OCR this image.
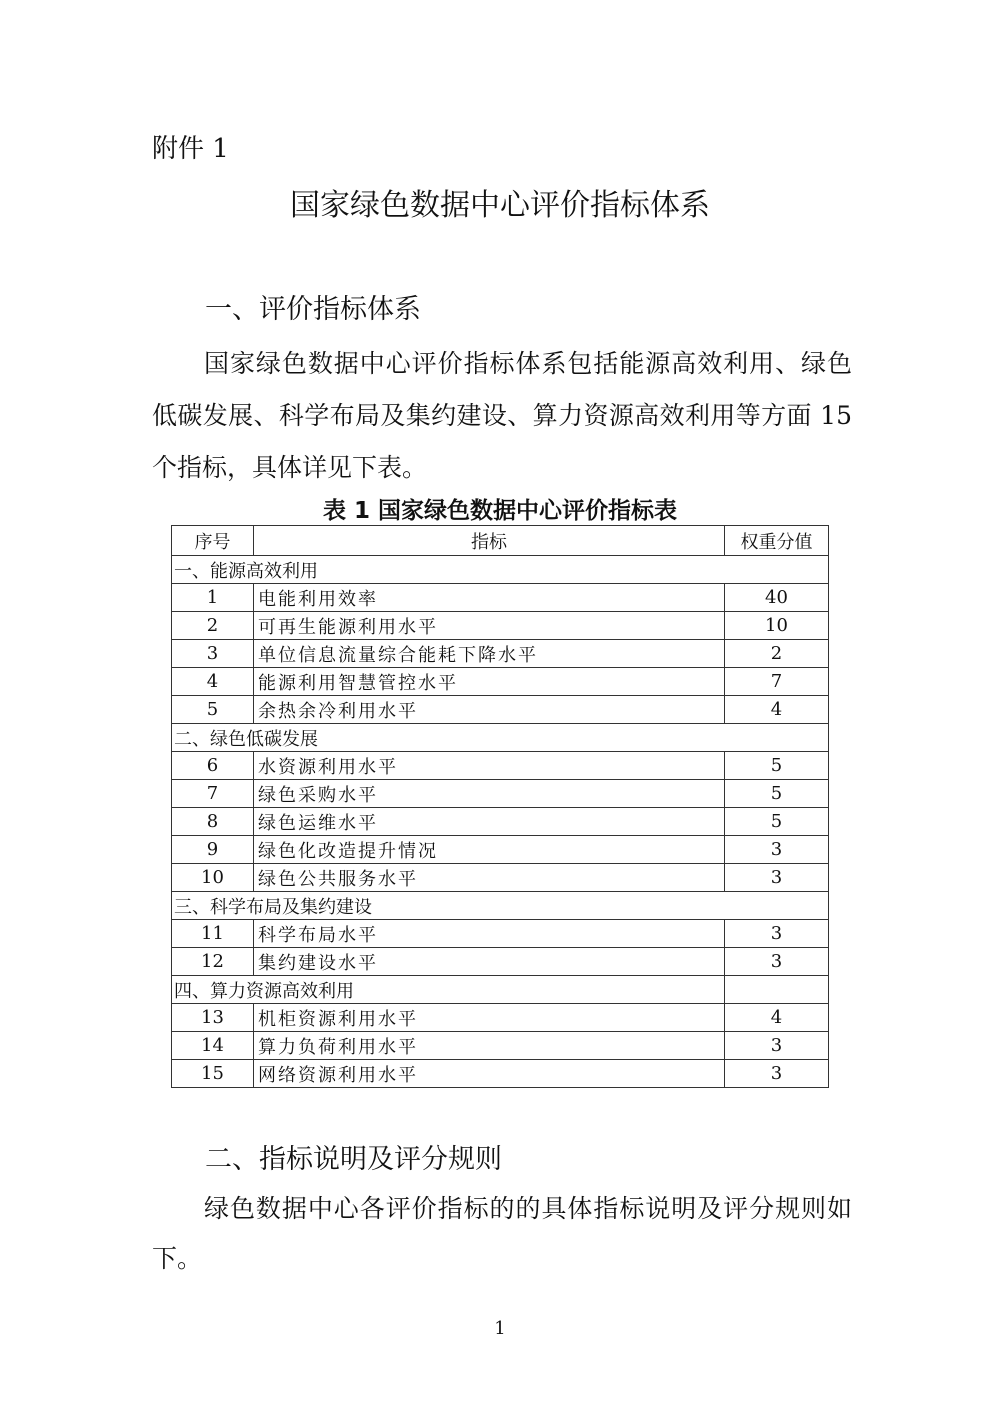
附件 1
国家绿色数据中心评价指标体系
一、评价指标体系
国家绿色数据中心评价指标体系包括能源高效利用、绿色低碳发展、科学布局及集约建设、算力资源高效利用等方面 15 个指标，具体详见下表。
表 1 国家绿色数据中心评价指标表
序号	指标	权重分值
一、能源高效利用		
1	电能利用效率	40
2	可再生能源利用水平	10
3	单位信息流量综合能耗下降水平	2
4	能源利用智慧管控水平	7
5	余热余冷利用水平	4
二、绿色低碳发展		
6	水资源利用水平	5
7	绿色采购水平	5
8	绿色运维水平	5
9	绿色化改造提升情况	3
10	绿色公共服务水平	3
三、科学布局及集约建设		
11	科学布局水平	3
12	集约建设水平	3
四、算力资源高效利用		
13	机柜资源利用水平	4
14	算力负荷利用水平	3
15	网络资源利用水平	3
二、指标说明及评分规则
绿色数据中心各评价指标的的具体指标说明及评分规则如下。
1
